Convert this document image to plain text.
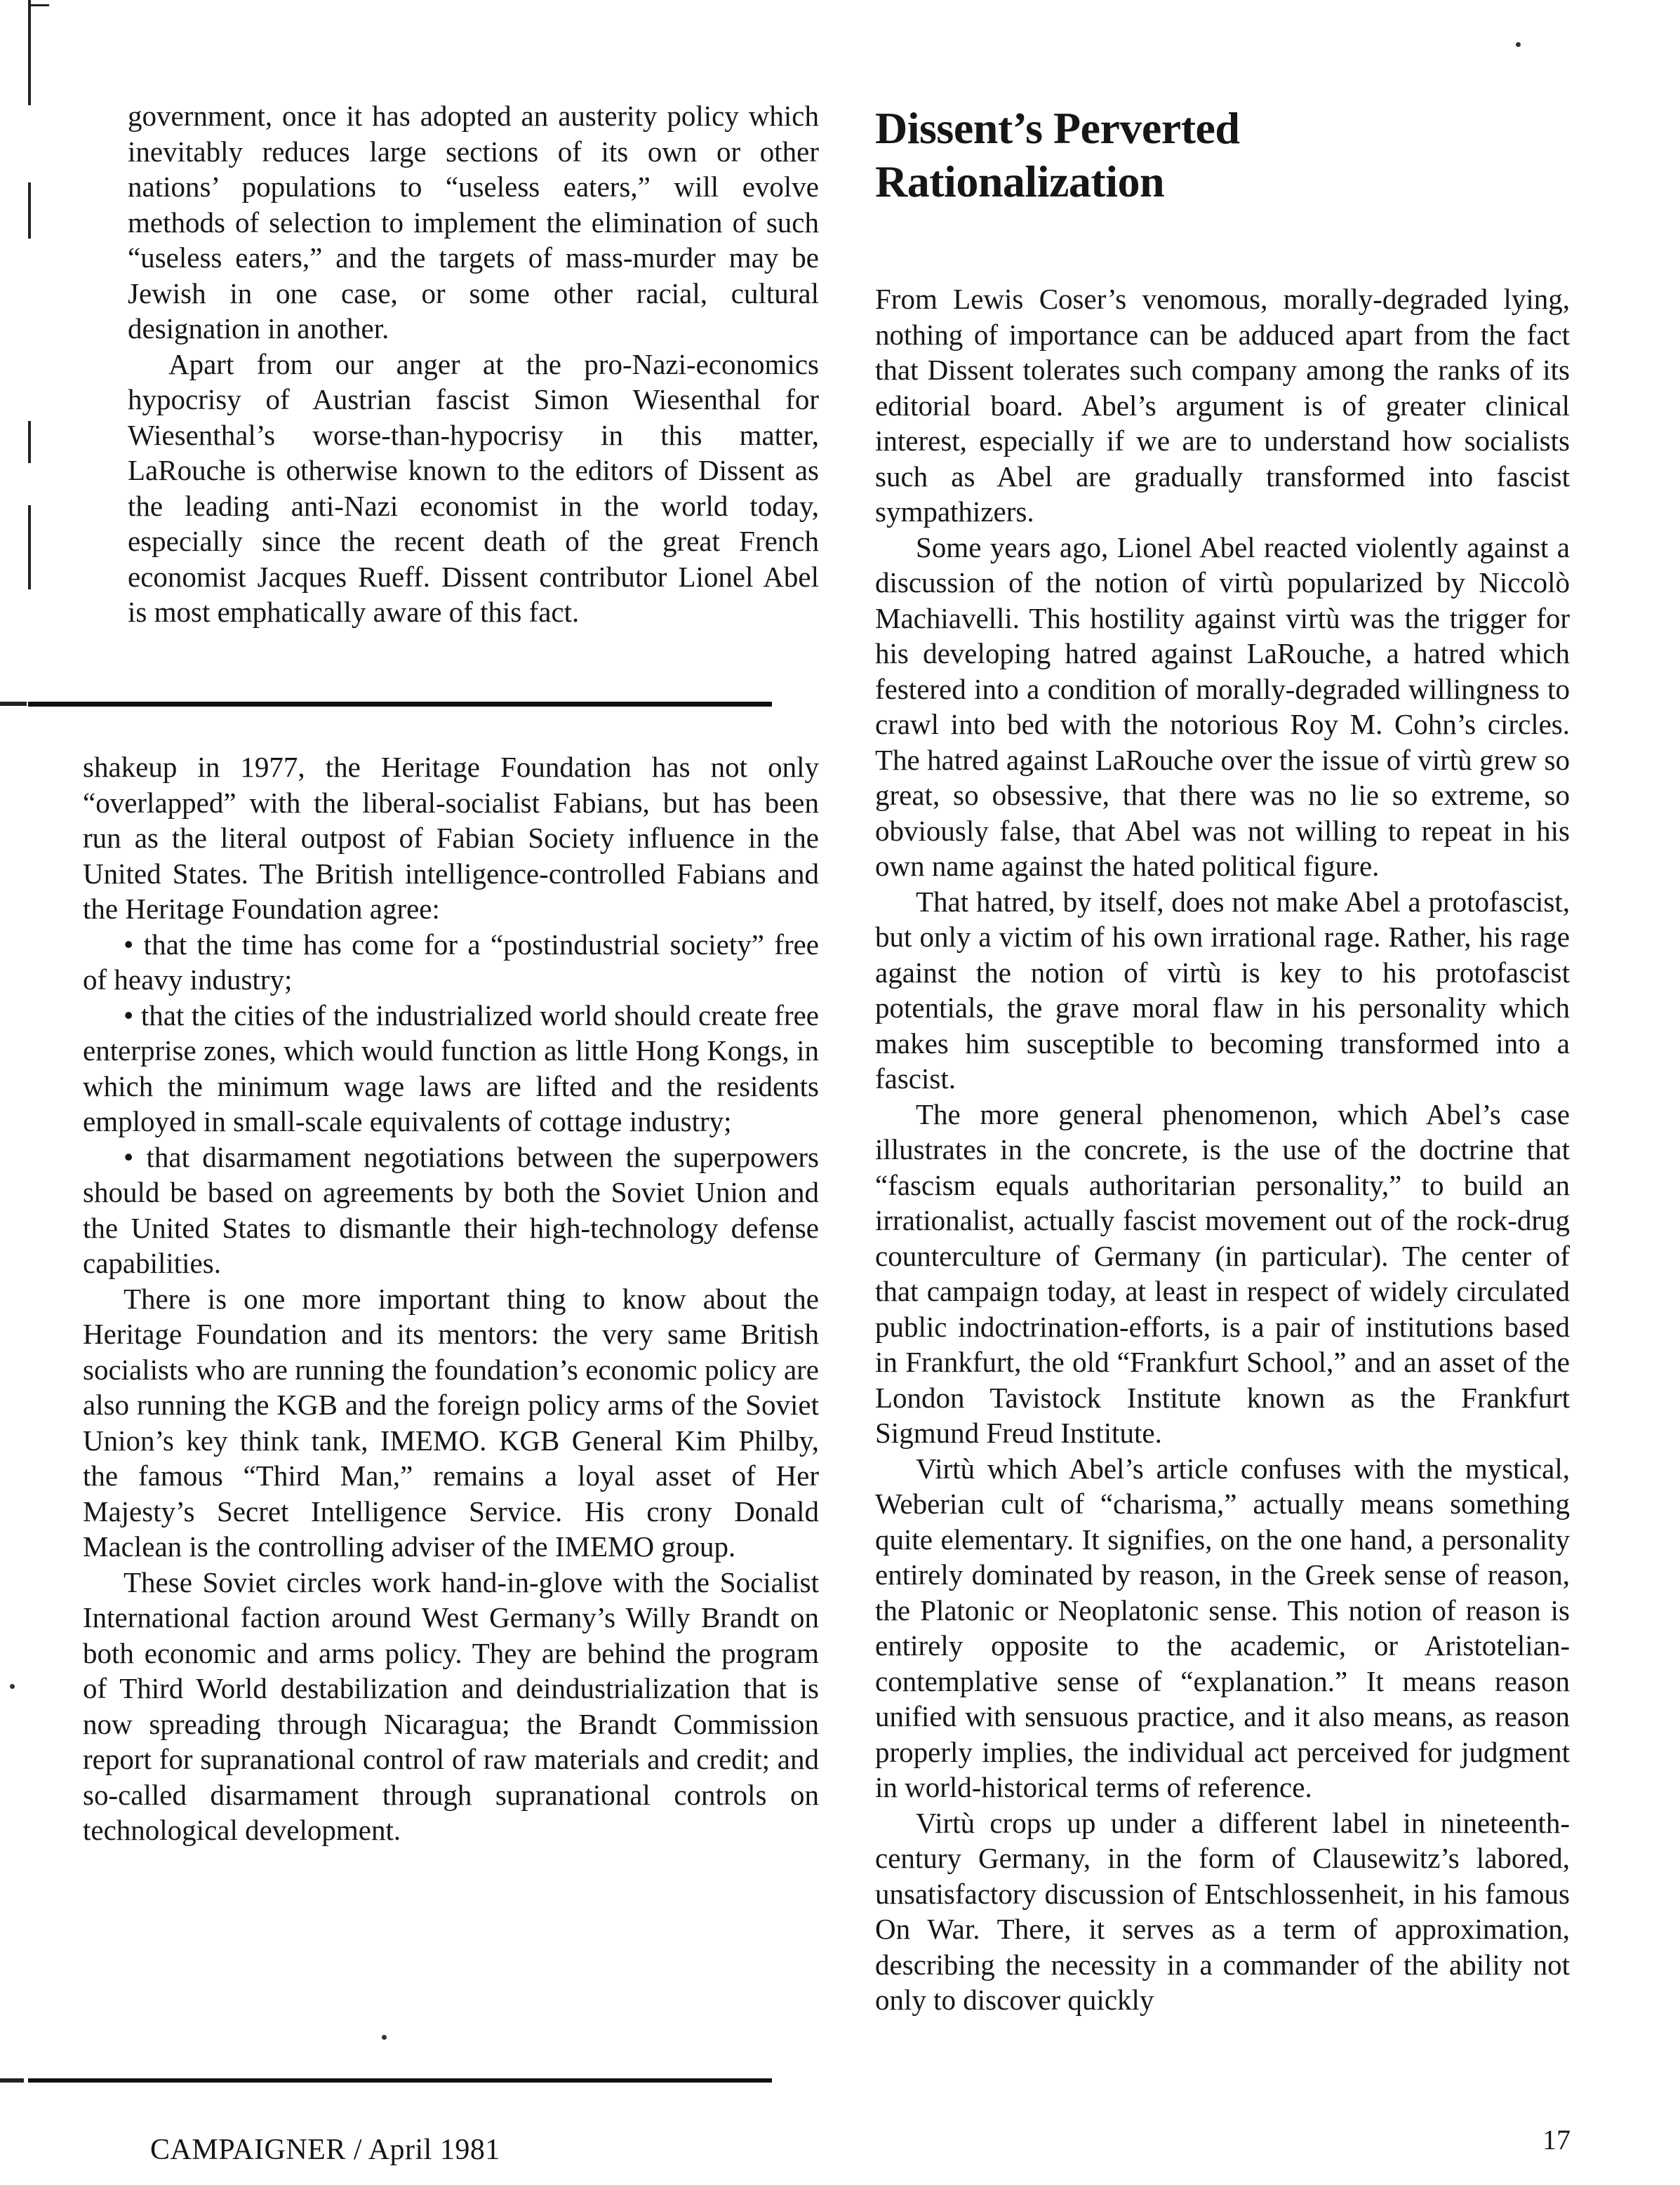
government, once it has adopted an austerity policy which inevitably reduces large sections of its own or other nations’ populations to “useless eaters,” will evolve methods of selection to implement the elimination of such “useless eaters,” and the targets of mass-murder may be Jewish in one case, or some other racial, cultural designation in another.

Apart from our anger at the pro-Nazi-economics hypocrisy of Austrian fascist Simon Wiesenthal for Wiesenthal’s worse-than-hypocrisy in this matter, LaRouche is otherwise known to the editors of Dissent as the leading anti-Nazi economist in the world today, especially since the recent death of the great French economist Jacques Rueff. Dissent contributor Lionel Abel is most emphatically aware of this fact.

shakeup in 1977, the Heritage Foundation has not only “overlapped” with the liberal-socialist Fabians, but has been run as the literal outpost of Fabian Society influence in the United States. The British intelligence-controlled Fabians and the Heritage Foundation agree:

• that the time has come for a “postindustrial society” free of heavy industry;

• that the cities of the industrialized world should create free enterprise zones, which would function as little Hong Kongs, in which the minimum wage laws are lifted and the residents employed in small-scale equivalents of cottage industry;

• that disarmament negotiations between the superpowers should be based on agreements by both the Soviet Union and the United States to dismantle their high-technology defense capabilities.

There is one more important thing to know about the Heritage Foundation and its mentors: the very same British socialists who are running the foundation’s economic policy are also running the KGB and the foreign policy arms of the Soviet Union’s key think tank, IMEMO. KGB General Kim Philby, the famous “Third Man,” remains a loyal asset of Her Majesty’s Secret Intelligence Service. His crony Donald Maclean is the controlling adviser of the IMEMO group.

These Soviet circles work hand-in-glove with the Socialist International faction around West Germany’s Willy Brandt on both economic and arms policy. They are behind the program of Third World destabilization and deindustrialization that is now spreading through Nicaragua; the Brandt Commission report for supranational control of raw materials and credit; and so-called disarmament through supranational controls on technological development.

Dissent’s Perverted
Rationalization

From Lewis Coser’s venomous, morally-degraded lying, nothing of importance can be adduced apart from the fact that Dissent tolerates such company among the ranks of its editorial board. Abel’s argument is of greater clinical interest, especially if we are to understand how socialists such as Abel are gradually transformed into fascist sympathizers.

Some years ago, Lionel Abel reacted violently against a discussion of the notion of virtù popularized by Niccolò Machiavelli. This hostility against virtù was the trigger for his developing hatred against LaRouche, a hatred which festered into a condition of morally-degraded willingness to crawl into bed with the notorious Roy M. Cohn’s circles. The hatred against LaRouche over the issue of virtù grew so great, so obsessive, that there was no lie so extreme, so obviously false, that Abel was not willing to repeat in his own name against the hated political figure.

That hatred, by itself, does not make Abel a protofascist, but only a victim of his own irrational rage. Rather, his rage against the notion of virtù is key to his protofascist potentials, the grave moral flaw in his personality which makes him susceptible to becoming transformed into a fascist.

The more general phenomenon, which Abel’s case illustrates in the concrete, is the use of the doctrine that “fascism equals authoritarian personality,” to build an irrationalist, actually fascist movement out of the rock-drug counterculture of Germany (in particular). The center of that campaign today, at least in respect of widely circulated public indoctrination-efforts, is a pair of institutions based in Frankfurt, the old “Frankfurt School,” and an asset of the London Tavistock Institute known as the Frankfurt Sigmund Freud Institute.

Virtù which Abel’s article confuses with the mystical, Weberian cult of “charisma,” actually means something quite elementary. It signifies, on the one hand, a personality entirely dominated by reason, in the Greek sense of reason, the Platonic or Neoplatonic sense. This notion of reason is entirely opposite to the academic, or Aristotelian-contemplative sense of “explanation.” It means reason unified with sensuous practice, and it also means, as reason properly implies, the individual act perceived for judgment in world-historical terms of reference.

Virtù crops up under a different label in nineteenth-century Germany, in the form of Clausewitz’s labored, unsatisfactory discussion of Entschlossenheit, in his famous On War. There, it serves as a term of approximation, describing the necessity in a commander of the ability not only to discover quickly

CAMPAIGNER / April 1981	17
